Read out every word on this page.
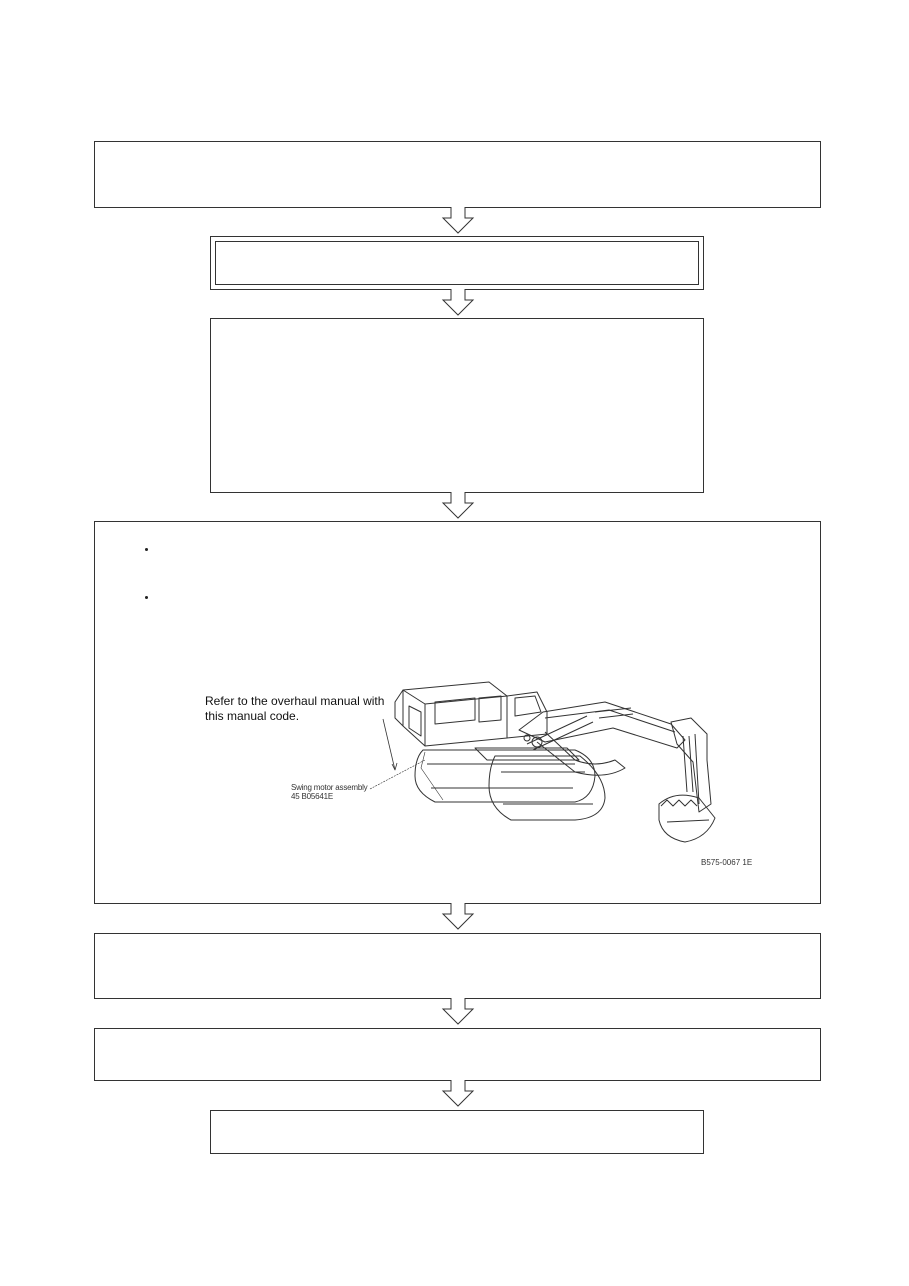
Refer to the overhaul manual with
this manual code.
Swing motor assembly
45 B05641E
B575-0067 1E
